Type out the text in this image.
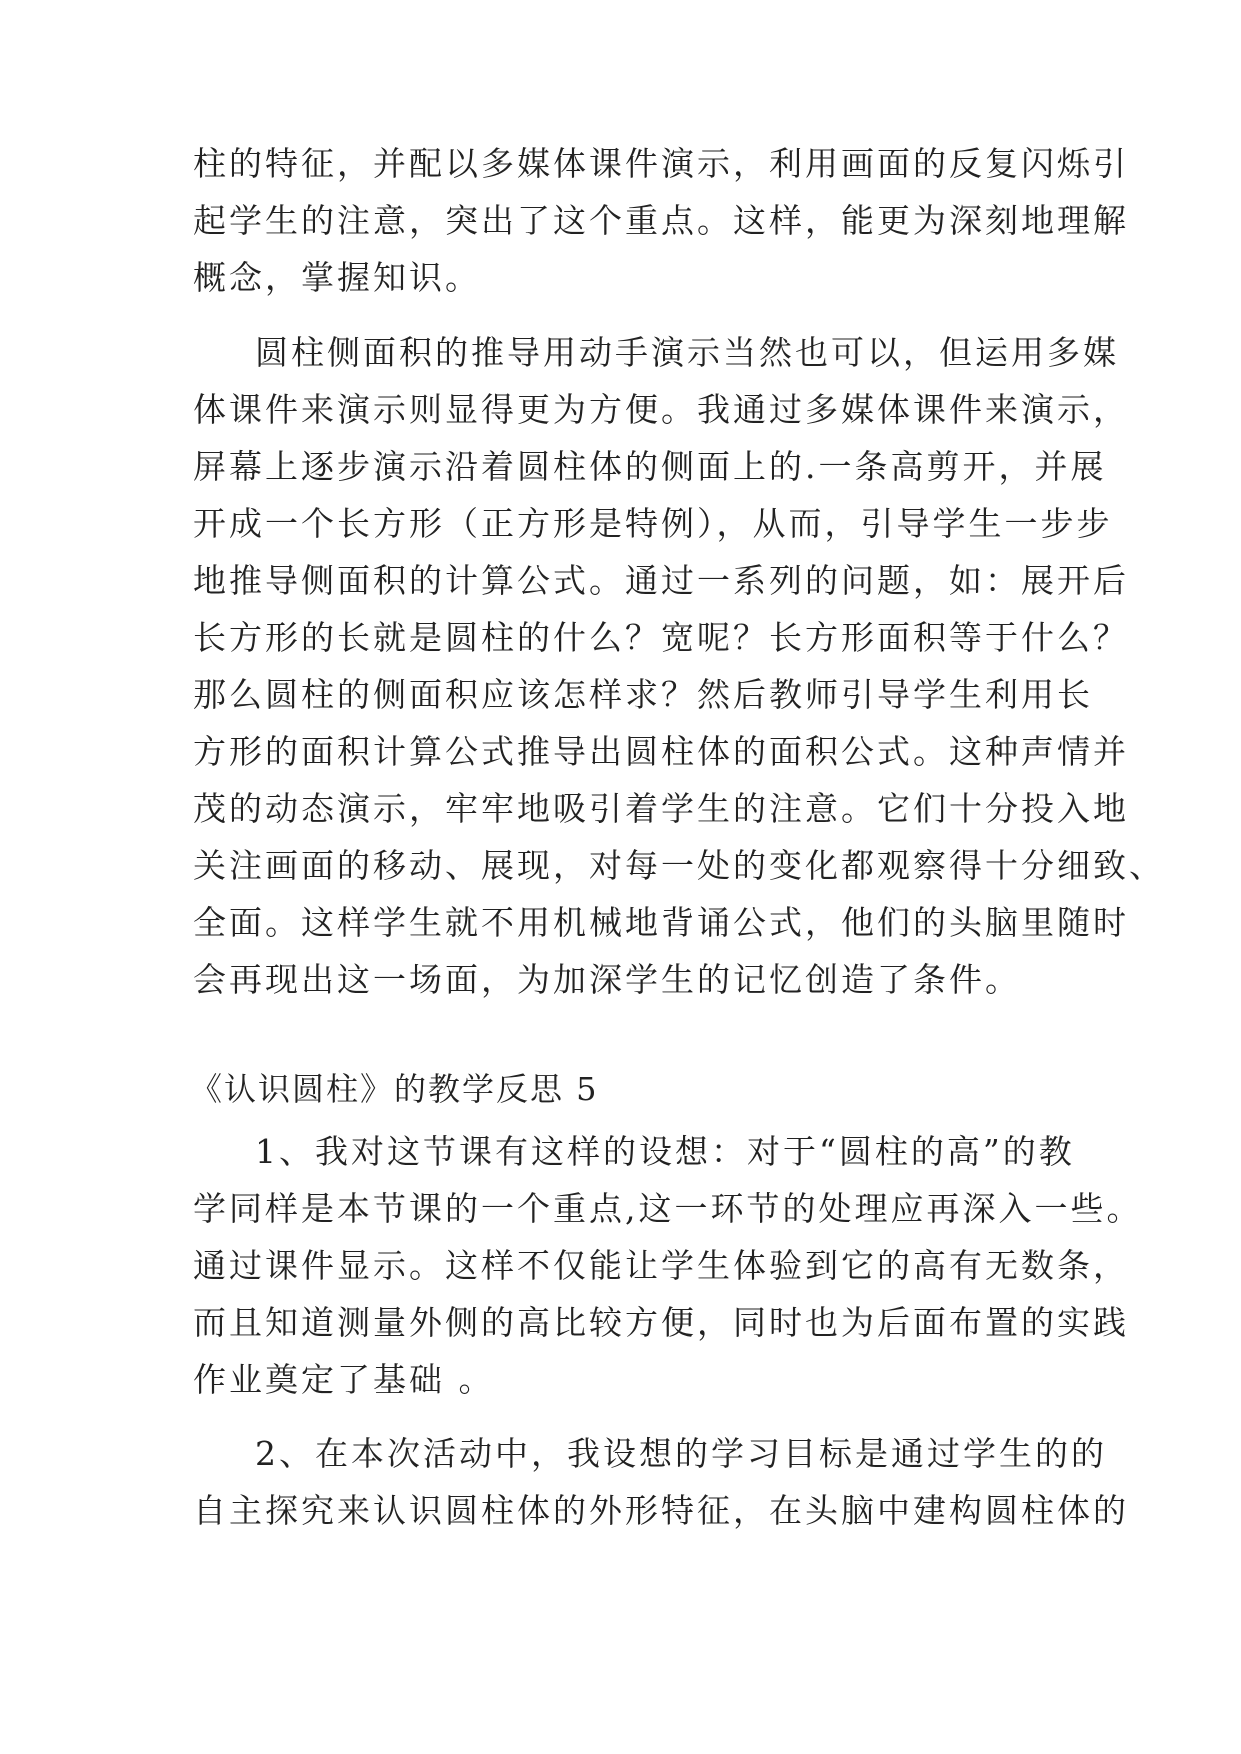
柱的特征，并配以多媒体课件演示，利用画面的反复闪烁引
起学生的注意，突出了这个重点。这样，能更为深刻地理解
概念，掌握知识。
圆柱侧面积的推导用动手演示当然也可以，但运用多媒
体课件来演示则显得更为方便。我通过多媒体课件来演示，
屏幕上逐步演示沿着圆柱体的侧面上的.一条高剪开，并展
开成一个长方形（正方形是特例），从而，引导学生一步步
地推导侧面积的计算公式。通过一系列的问题，如：展开后
长方形的长就是圆柱的什么？宽呢？长方形面积等于什么？
那么圆柱的侧面积应该怎样求？然后教师引导学生利用长
方形的面积计算公式推导出圆柱体的面积公式。这种声情并
茂的动态演示，牢牢地吸引着学生的注意。它们十分投入地
关注画面的移动、展现，对每一处的变化都观察得十分细致、
全面。这样学生就不用机械地背诵公式，他们的头脑里随时
会再现出这一场面，为加深学生的记忆创造了条件。
《认识圆柱》的教学反思 5
1、我对这节课有这样的设想：对于“圆柱的高”的教
学同样是本节课的一个重点,这一环节的处理应再深入一些。
通过课件显示。这样不仅能让学生体验到它的高有无数条，
而且知道测量外侧的高比较方便，同时也为后面布置的实践
作业奠定了基础 。
2、在本次活动中，我设想的学习目标是通过学生的的
自主探究来认识圆柱体的外形特征，在头脑中建构圆柱体的
